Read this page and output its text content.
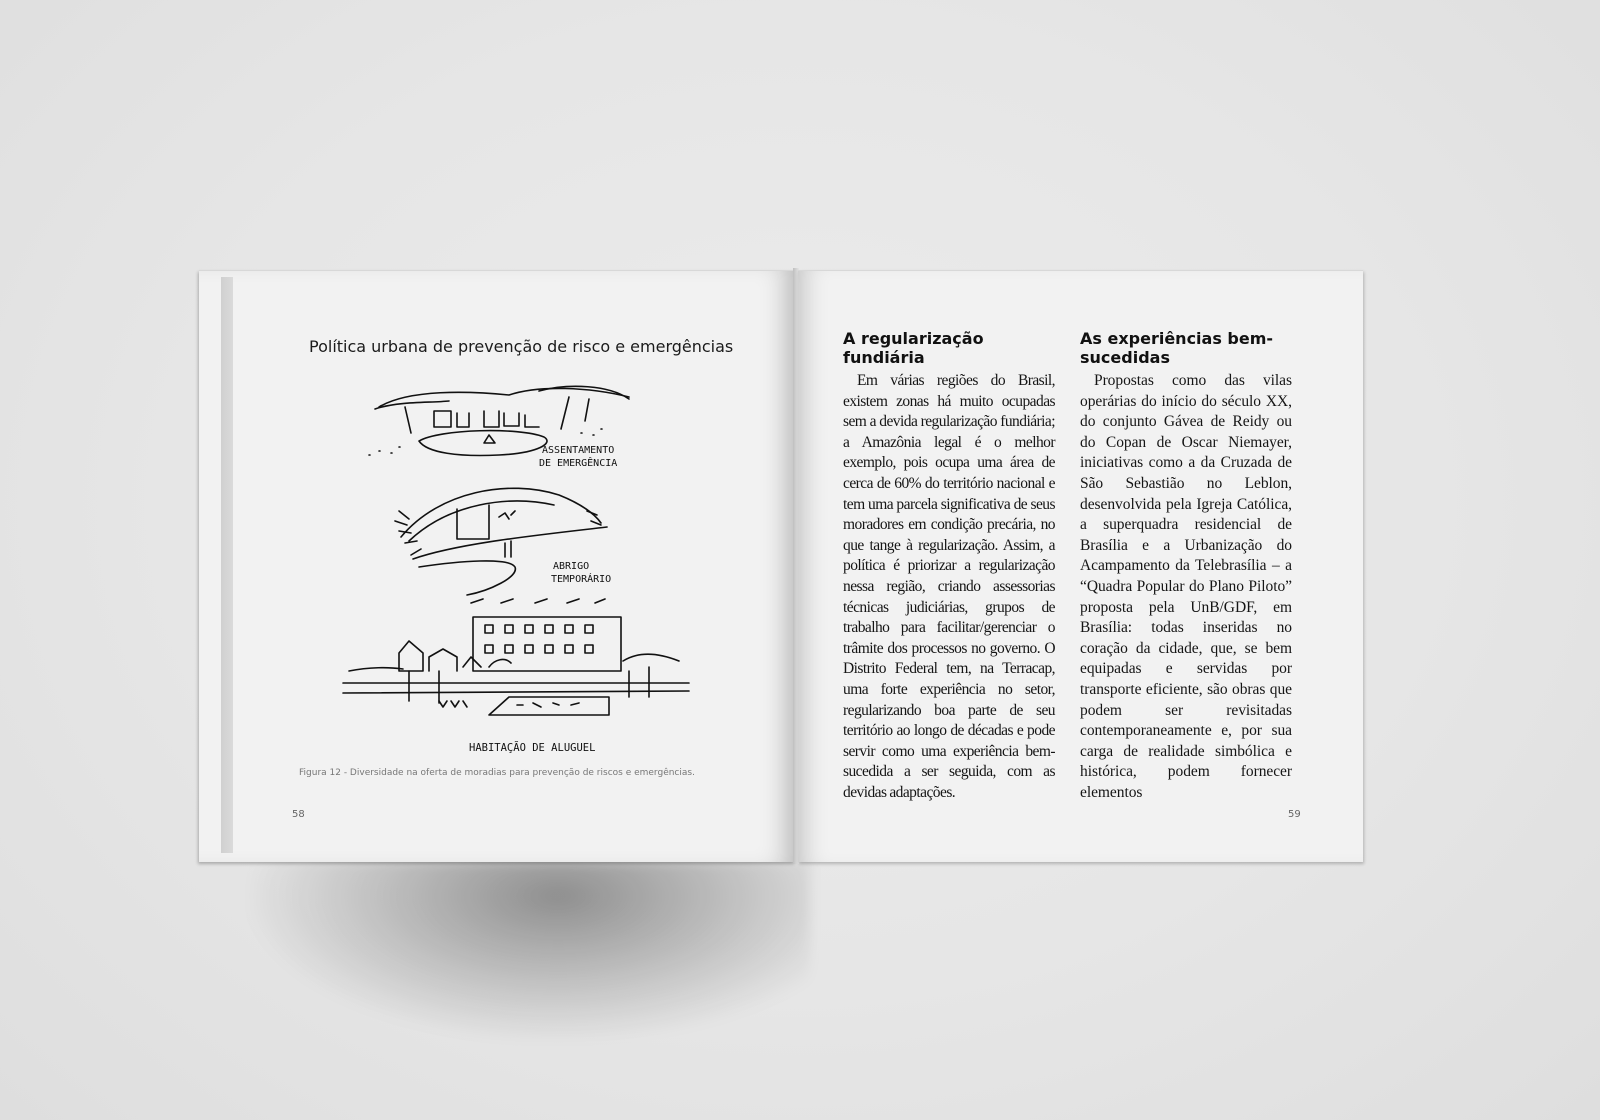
Política urbana de prevenção de risco e emergências
ASSENTAMENTO
DE EMERGÊNCIA
ABRIGO
TEMPORÁRIO
HABITAÇÃO DE ALUGUEL
Figura 12 - Diversidade na oferta de moradias para prevenção de riscos e emergências.
58
A regularização fundiária

Em várias regiões do Brasil, existem zonas há muito ocupadas sem a devida regularização fundiária; a Amazônia legal é o melhor exemplo, pois ocupa uma área de cerca de 60% do território nacional e tem uma parcela significativa de seus moradores em condição precária, no que tange à regularização. Assim, a política é priorizar a regularização nessa região, criando assessorias técnicas judiciárias, grupos de trabalho para facilitar/gerenciar o trâmite dos processos no governo. O Distrito Federal tem, na Terracap, uma forte experiência no setor, regularizando boa parte de seu território ao longo de décadas e pode servir como uma experiência bem-sucedida a ser seguida, com as devidas adaptações.

As experiências bem-sucedidas

Propostas como das vilas operárias do início do século XX, do conjunto Gávea de Reidy ou do Copan de Oscar Niemayer, iniciativas como a da Cruzada de São Sebastião no Leblon, desenvolvida pela Igreja Católica, a superquadra residencial de Brasília e a Urbanização do Acampamento da Telebrasília – a “Quadra Popular do Plano Piloto” proposta pela UnB/GDF, em Brasília: todas inseridas no coração da cidade, que, se bem equipadas e servidas por transporte eficiente, são obras que podem ser revisitadas contemporaneamente e, por sua carga de realidade simbólica e histórica, podem fornecer elementos

59
